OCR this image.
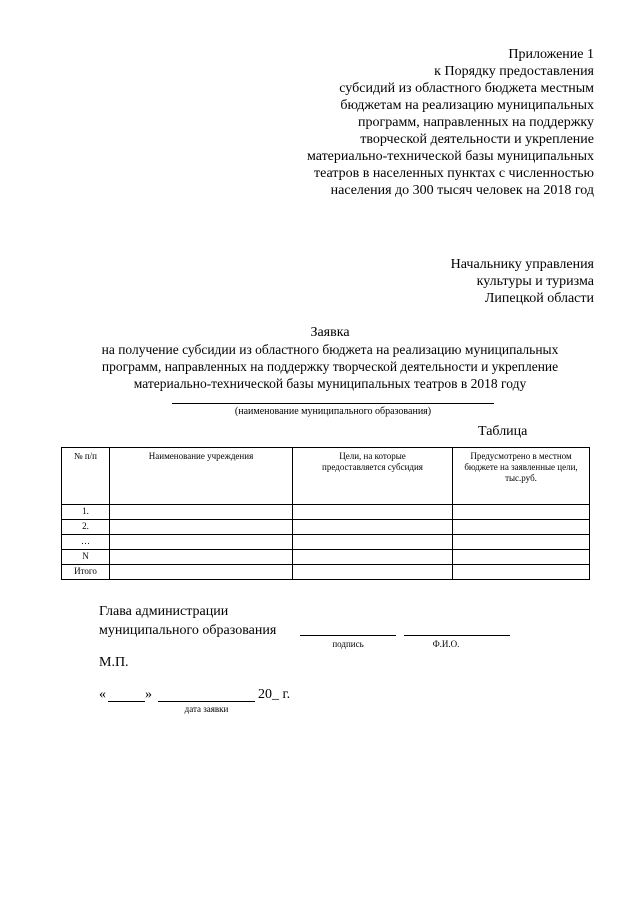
Приложение 1
к Порядку предоставления
субсидий из областного бюджета местным
бюджетам на реализацию муниципальных
программ, направленных на поддержку
творческой деятельности и укрепление
материально-технической базы муниципальных
театров в населенных пунктах с численностью
населения до 300 тысяч человек на 2018 год
Начальнику управления
культуры и туризма
Липецкой области
Заявка
на получение субсидии из областного бюджета на реализацию муниципальных
программ, направленных на поддержку творческой деятельности и укрепление
материально-технической базы муниципальных театров в 2018 году
(наименование муниципального образования)
Таблица
№ п/п	Наименование учреждения	Цели, на которые предоставляется субсидия	Предусмотрено в местном бюджете на заявленные цели, тыс.руб.
1.			
2.			
…			
N			
Итого			
Глава администрации
муниципального образования
подпись	Ф.И.О.
М.П.
«	»	20_ г.
дата заявки
